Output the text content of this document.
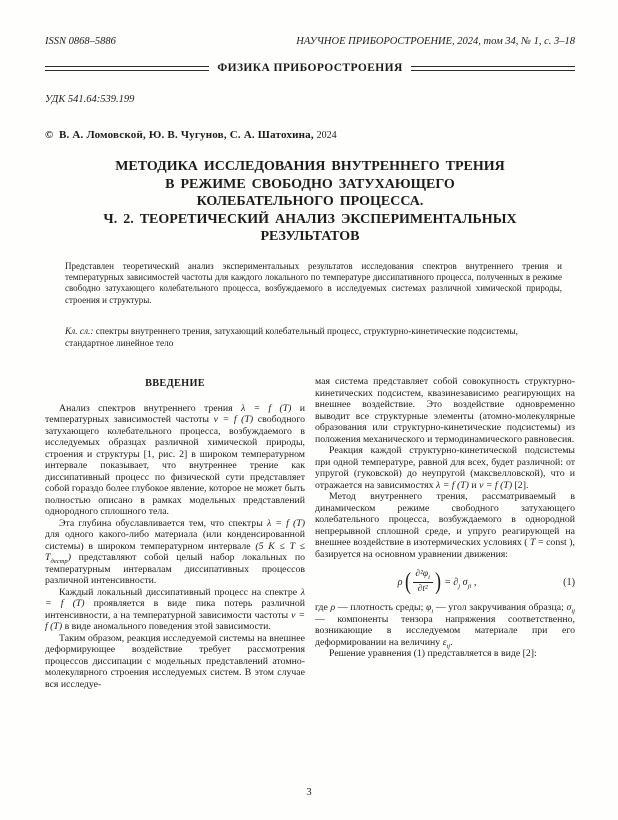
ISSN 0868–5886	НАУЧНОЕ ПРИБОРОСТРОЕНИЕ, 2024, том 34, № 1, с. 3–18
ФИЗИКА ПРИБОРОСТРОЕНИЯ
УДК 541.64:539.199
© В. А. Ломовской, Ю. В. Чугунов, С. А. Шатохина, 2024
МЕТОДИКА ИССЛЕДОВАНИЯ ВНУТРЕННЕГО ТРЕНИЯ
В РЕЖИМЕ СВОБОДНО ЗАТУХАЮЩЕГО
КОЛЕБАТЕЛЬНОГО ПРОЦЕССА.
Ч. 2. ТЕОРЕТИЧЕСКИЙ АНАЛИЗ ЭКСПЕРИМЕНТАЛЬНЫХ
РЕЗУЛЬТАТОВ

Представлен теоретический анализ экспериментальных результатов исследования спектров внутреннего трения и температурных зависимостей частоты для каждого локального по температуре диссипативного процесса, полученных в режиме свободно затухающего колебательного процесса, возбуждаемого в исследуемых системах различной химической природы, строения и структуры.

Кл. сл.: спектры внутреннего трения, затухающий колебательный процесс, структурно-кинетические подсистемы, стандартное линейное тело

ВВЕДЕНИЕ

Анализ спектров внутреннего трения λ = f (T) и температурных зависимостей частоты ν = f (T) свободного затухающего колебательного процесса, возбуждаемого в исследуемых образцах различной химической природы, строения и структуры [1, рис. 2] в широком температурном интервале показывает, что внутреннее трение как диссипативный процесс по физической сути представляет собой гораздо более глубокое явление, которое не может быть полностью описано в рамках модельных представлений однородного сплошного тела.

Эта глубина обуславливается тем, что спектры λ = f (T) для одного какого-либо материала (или конденсированной системы) в широком температурном интервале (5 $K \le T \le T_{дестр}$) представляют собой целый набор локальных по температурным интервалам диссипативных процессов различной интенсивности.

Каждый локальный диссипативный процесс на спектре λ = f (T) проявляется в виде пика потерь различной интенсивности, а на температурной зависимости частоты ν = f (T) в виде аномального поведения этой зависимости.

Таким образом, реакция исследуемой системы на внешнее деформирующее воздействие требует рассмотрения процессов диссипации с модельных представлений атомно-молекулярного строения исследуемых систем. В этом случае вся исследуе-

мая система представляет собой совокупность структурно-кинетических подсистем, квазинезависимо реагирующих на внешнее воздействие. Это воздействие одновременно выводит все структурные элементы (атомно-молекулярные образования или структурно-кинетические подсистемы) из положения механического и термодинамического равновесия.

Реакция каждой структурно-кинетической подсистемы при одной температуре, равной для всех, будет различной: от упругой (гуковской) до неупругой (максвелловской), что и отражается на зависимостях λ = f (T) и ν = f (T) [2].

Метод внутреннего трения, рассматриваемый в динамическом режиме свободного затухающего колебательного процесса, возбуждаемого в однородной непрерывной сплошной среде, и упруго реагирующей на внешнее воздействие в изотермических условиях ( T = const ), базируется на основном уравнении движения:

ρ ( $\frac{\partial^2\varphi_i}{\text{∂t²}}$ ) = $\partial_j$ $\sigma_{ji}$ ,	(1)

где ρ — плотность среды; $\varphi_i$ — угол закручивания образца; $\sigma_{ij}$ — компоненты тензора напряжения соответственно, возникающие в исследуемом материале при его деформировании на величину $\varepsilon_{ij}$.

Решение уравнения (1) представляется в виде [2]:

3
